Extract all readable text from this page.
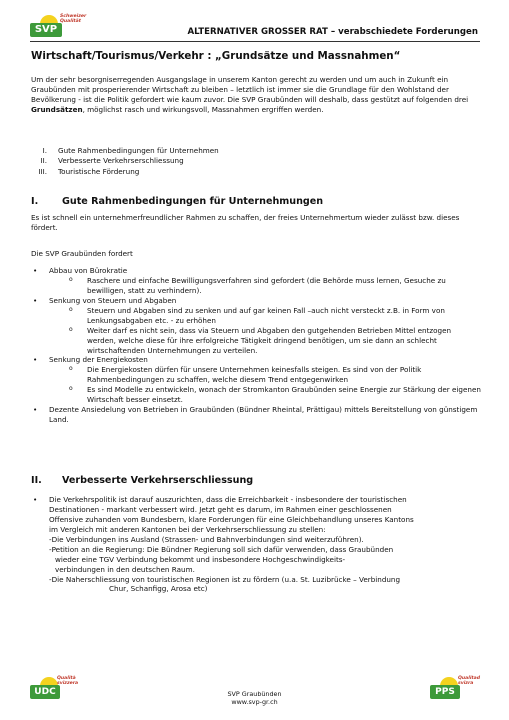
SVP
Schweizer
Qualität
ALTERNATIVER GROSSER RAT – verabschiedete Forderungen
Wirtschaft/Tourismus/Verkehr : „Grundsätze und Massnahmen“

Um der sehr besorgniserregenden Ausgangslage in unserem Kanton gerecht zu werden und um auch in Zukunft ein Graubünden mit prosperierender Wirtschaft zu bleiben – letztlich ist immer sie die Grundlage für den Wohlstand der Bevölkerung - ist die Politik gefordert wie kaum zuvor. Die SVP Graubünden will deshalb, dass gestützt auf folgenden drei Grundsätzen, möglichst rasch und wirkungsvoll, Massnahmen ergriffen werden.

I.	Gute Rahmenbedingungen für Unternehmen
II.	Verbesserte Verkehrserschliessung
III.	Touristische Förderung
I.	Gute Rahmenbedingungen für Unternehmungen

Es ist schnell ein unternehmerfreundlicher Rahmen zu schaffen, der freies Unternehmertum wieder zulässt bzw. dieses fördert.

Die SVP Graubünden fordert

• Abbau von Bürokratie
o Raschere und einfache Bewilligungsverfahren sind gefordert (die Behörde muss lernen, Gesuche zu bewilligen, statt zu verhindern).
• Senkung von Steuern und Abgaben
o Steuern und Abgaben sind zu senken und auf gar keinen Fall –auch nicht versteckt z.B. in Form von Lenkungsabgaben etc. - zu erhöhen
o Weiter darf es nicht sein, dass via Steuern und Abgaben den gutgehenden Betrieben Mittel entzogen werden, welche diese für ihre erfolgreiche Tätigkeit dringend benötigen, um sie dann an schlecht wirtschaftenden Unternehmungen zu verteilen.
• Senkung der Energiekosten
o Die Energiekosten dürfen für unsere Unternehmen keinesfalls steigen. Es sind von der Politik Rahmenbedingungen zu schaffen, welche diesem Trend entgegenwirken
o Es sind Modelle zu entwickeln, wonach der Stromkanton Graubünden seine Energie zur Stärkung der eigenen Wirtschaft besser einsetzt.
• Dezente Ansiedelung von Betrieben in Graubünden (Bündner Rheintal, Prättigau) mittels Bereitstellung von günstigem Land.
II.	Verbesserte Verkehrserschliessung
• Die Verkehrspolitik ist darauf auszurichten, dass die Erreichbarkeit - insbesondere der touristischen
Destinationen - markant verbessert wird. Jetzt geht es darum, im Rahmen einer geschlossenen
Offensive zuhanden vom Bundesbern, klare Forderungen für eine Gleichbehandlung unseres Kantons
im Vergleich mit anderen Kantonen bei der Verkehrserschliessung zu stellen:
-Die Verbindungen ins Ausland (Strassen- und Bahnverbindungen sind weiterzuführen).
-Petition an die Regierung: Die Bündner Regierung soll sich dafür verwenden, dass Graubünden
wieder eine TGV Verbindung bekommt und insbesondere Hochgeschwindigkeits-
verbindungen in den deutschen Raum.
-Die Naherschliessung von touristischen Regionen ist zu fördern (u.a. St. Luzibrücke – Verbindung
Chur, Schanfigg, Arosa etc)
UDC
Qualità
svizzera
SVP Graubünden
www.svp-gr.ch
PPS
Qualitad
svizra
